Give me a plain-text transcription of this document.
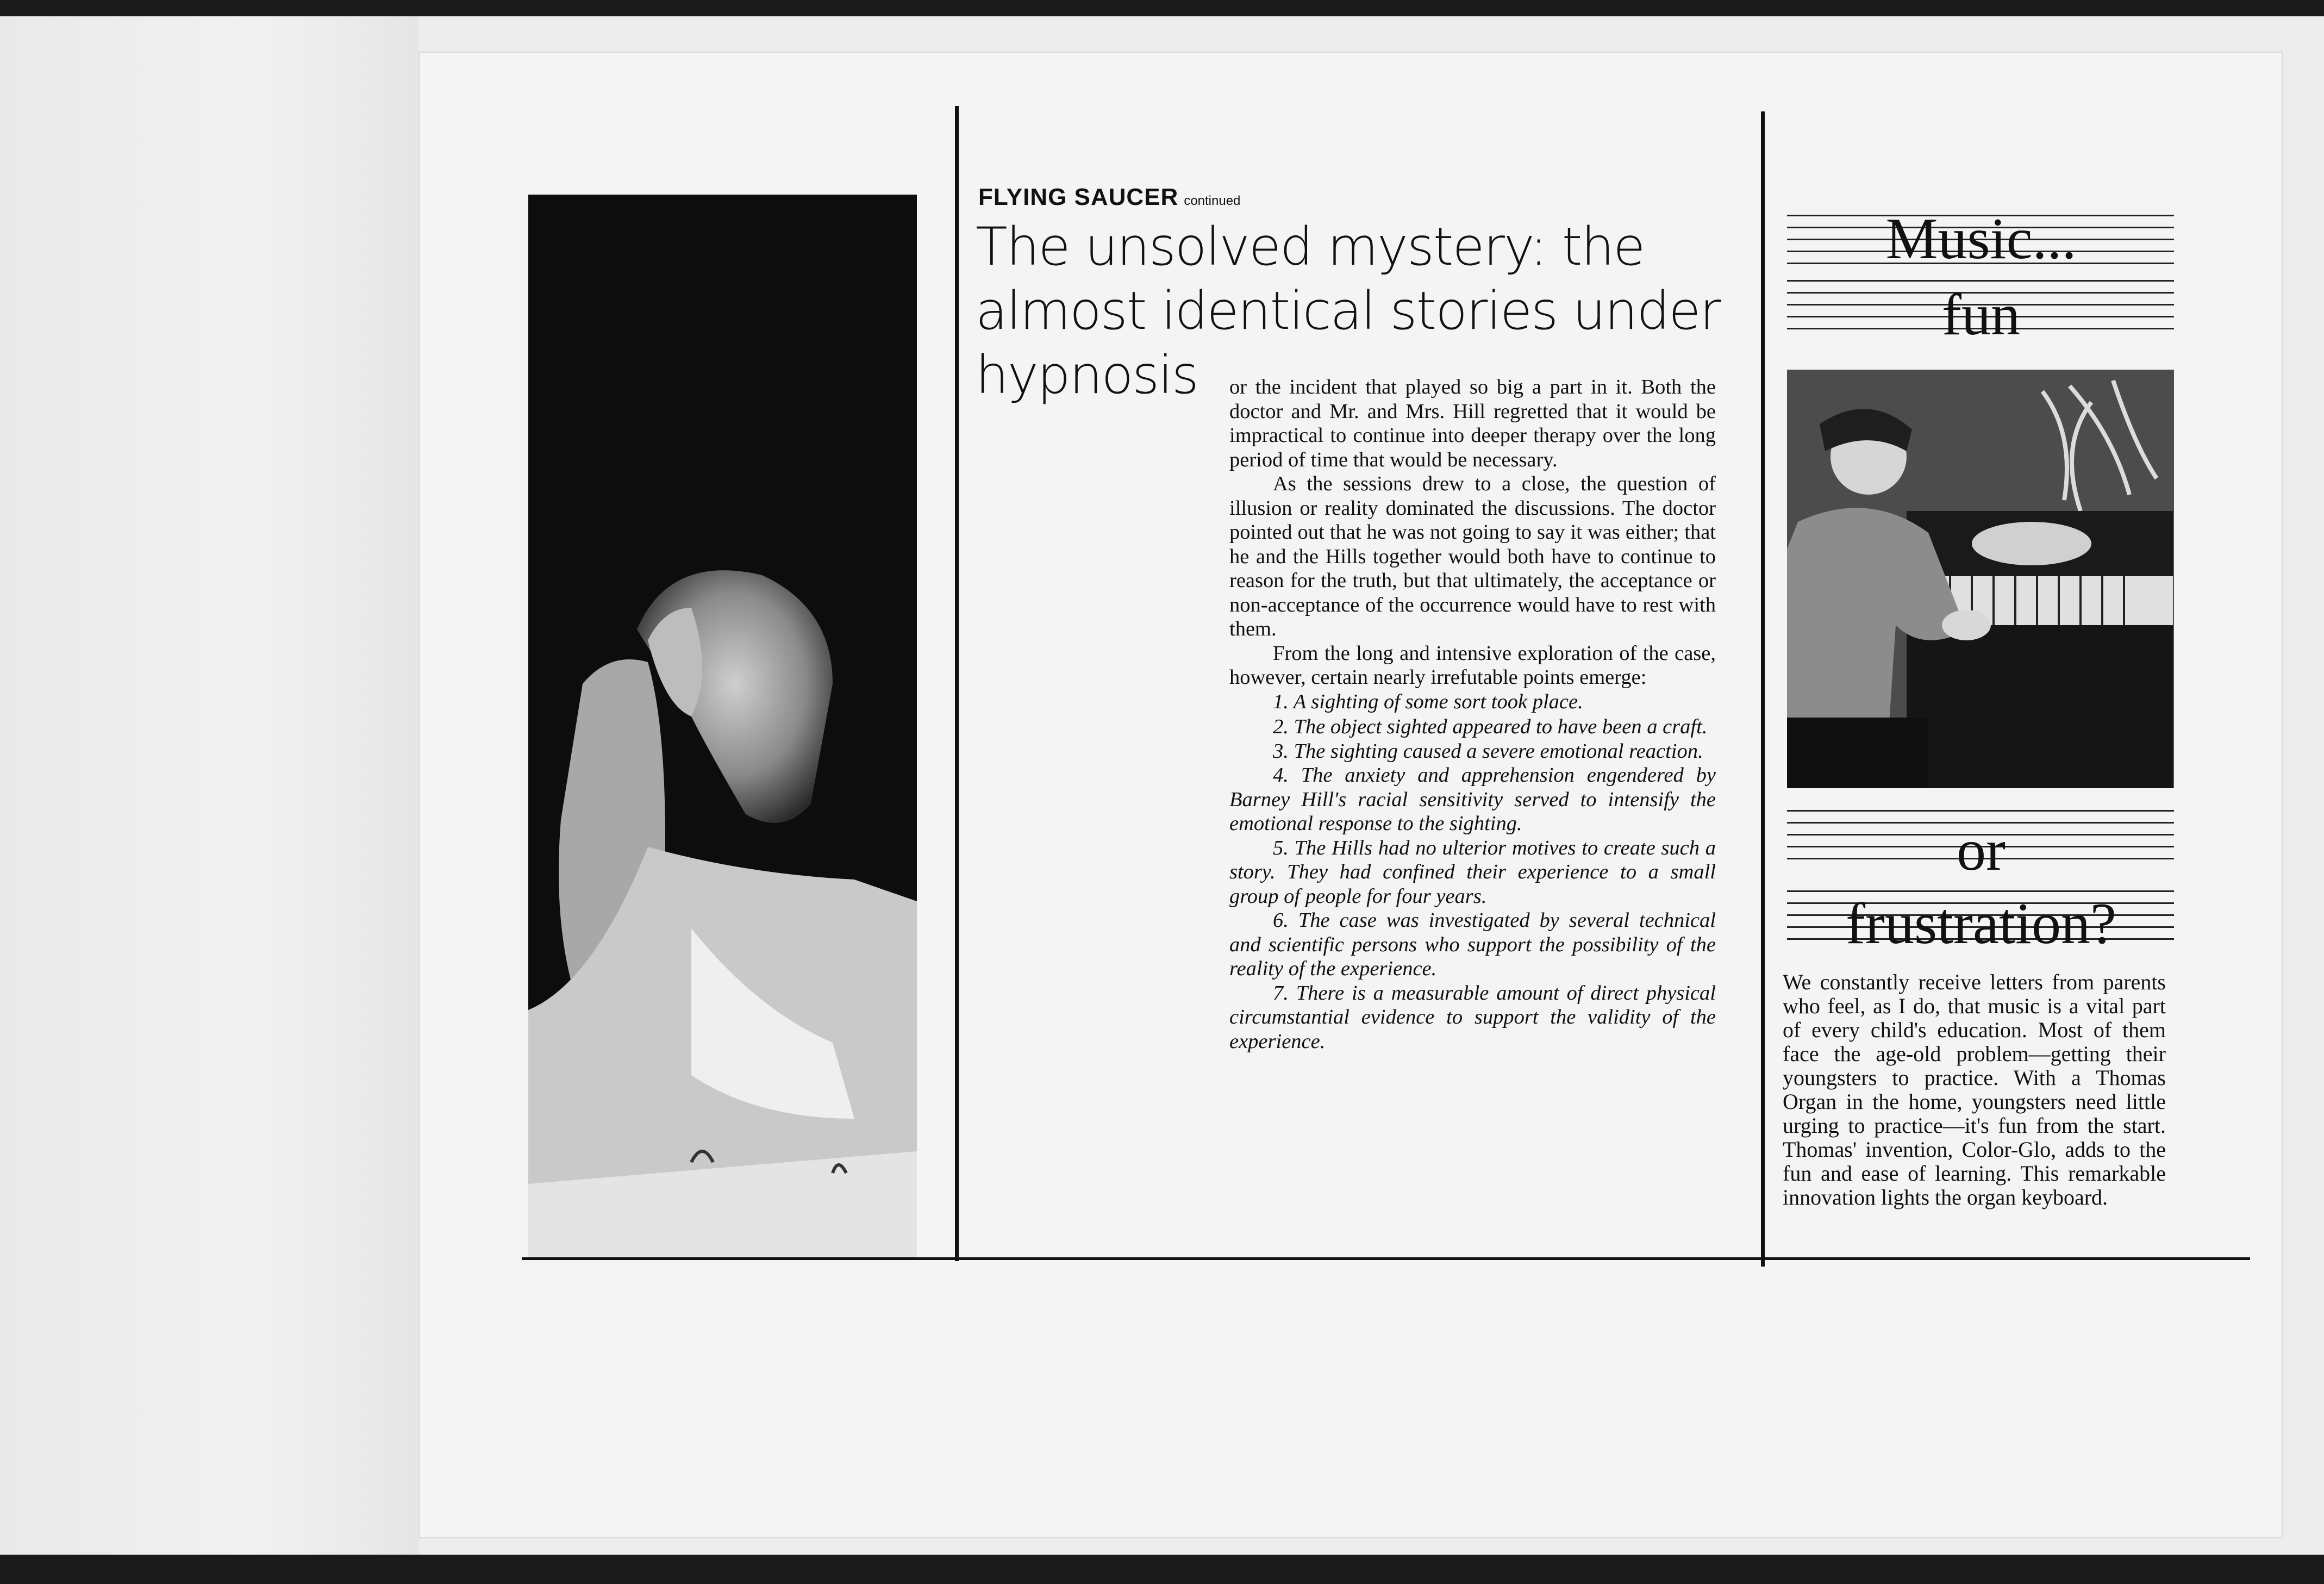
FLYING SAUCER continued
The unsolved mystery: the almost identical stories under hypnosis	or the incident that played so big a part in it. Both the doctor and Mr. and Mrs. Hill regretted that it would be impractical to continue into deeper therapy over the long period of time that would be necessary.

As the sessions drew to a close, the question of illusion or reality dominated the discussions. The doctor pointed out that he was not going to say it was either; that he and the Hills together would both have to continue to reason for the truth, but that ultimately, the acceptance or non-acceptance of the occurrence would have to rest with them.

From the long and intensive exploration of the case, however, certain nearly irrefutable points emerge:

1. A sighting of some sort took place.

2. The object sighted appeared to have been a craft.

3. The sighting caused a severe emotional reaction.

4. The anxiety and apprehension engendered by Barney Hill's racial sensitivity served to intensify the emotional response to the sighting.

5. The Hills had no ulterior motives to create such a story. They had confined their experience to a small group of people for four years.

6. The case was investigated by several technical and scientific persons who support the possibility of the reality of the experience.

7. There is a measurable amount of direct physical circumstantial evidence to support the validity of the experience.

Music...
fun
or
frustration?
We constantly receive letters from parents who feel, as I do, that music is a vital part of every child's education. Most of them face the age-old problem—getting their youngsters to practice. With a Thomas Organ in the home, youngsters need little urging to practice—it's fun from the start. Thomas' invention, Color-Glo, adds to the fun and ease of learning. This remarkable innovation lights the organ keyboard.
